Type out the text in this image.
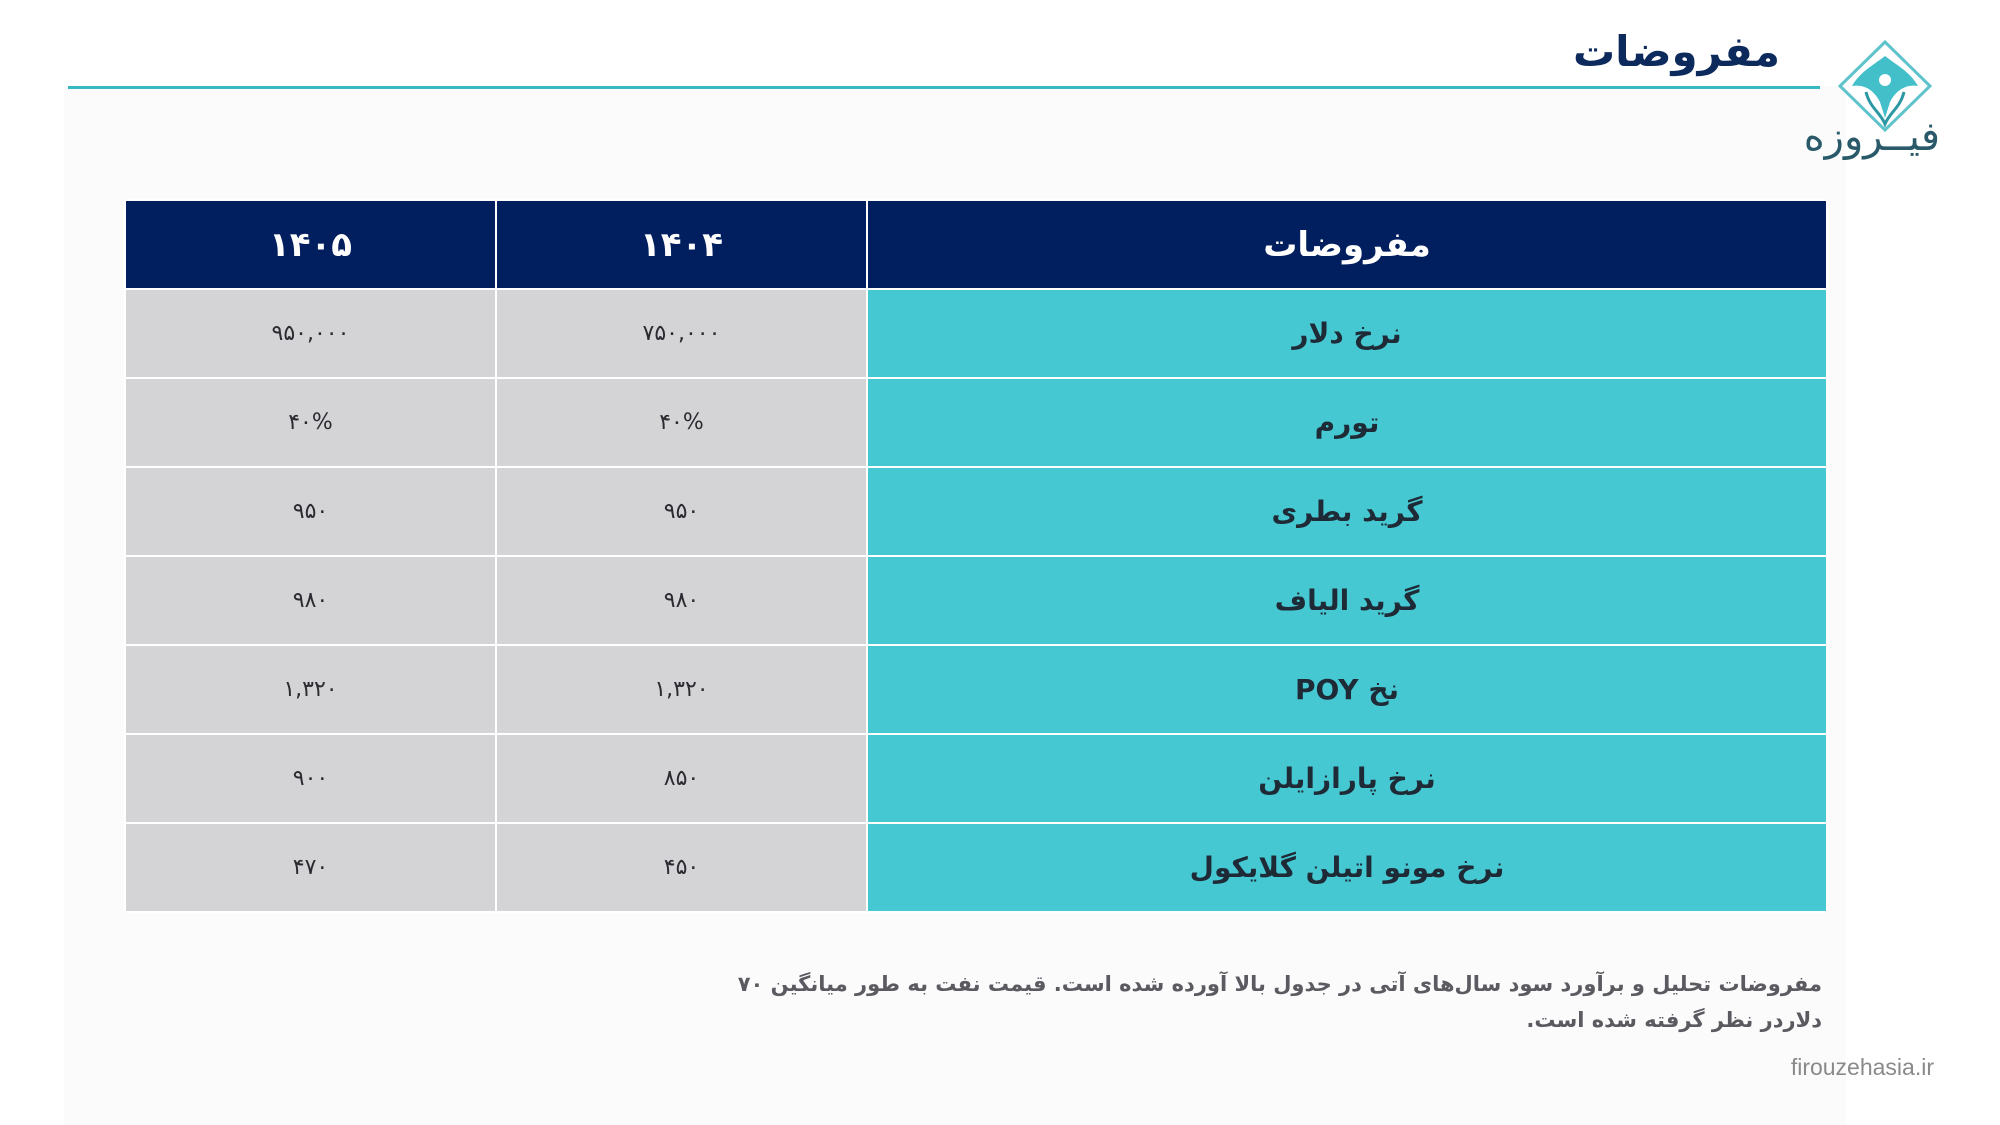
مفروضات
فیــروزه
۱۴۰۵	۱۴۰۴	مفروضات
۹۵۰,۰۰۰	۷۵۰,۰۰۰	نرخ دلار
۴۰%	۴۰%	تورم
۹۵۰	۹۵۰	گرید بطری
۹۸۰	۹۸۰	گرید الیاف
۱,۳۲۰	۱,۳۲۰	نخ POY
۹۰۰	۸۵۰	نرخ پارازایلن
۴۷۰	۴۵۰	نرخ مونو اتیلن گلایکول
مفروضات تحلیل و برآورد سود سال‌های آتی در جدول بالا آورده شده است. قیمت نفت به طور میانگین ۷۰ دلاردر نظر گرفته شده است.
firouzehasia.ir
